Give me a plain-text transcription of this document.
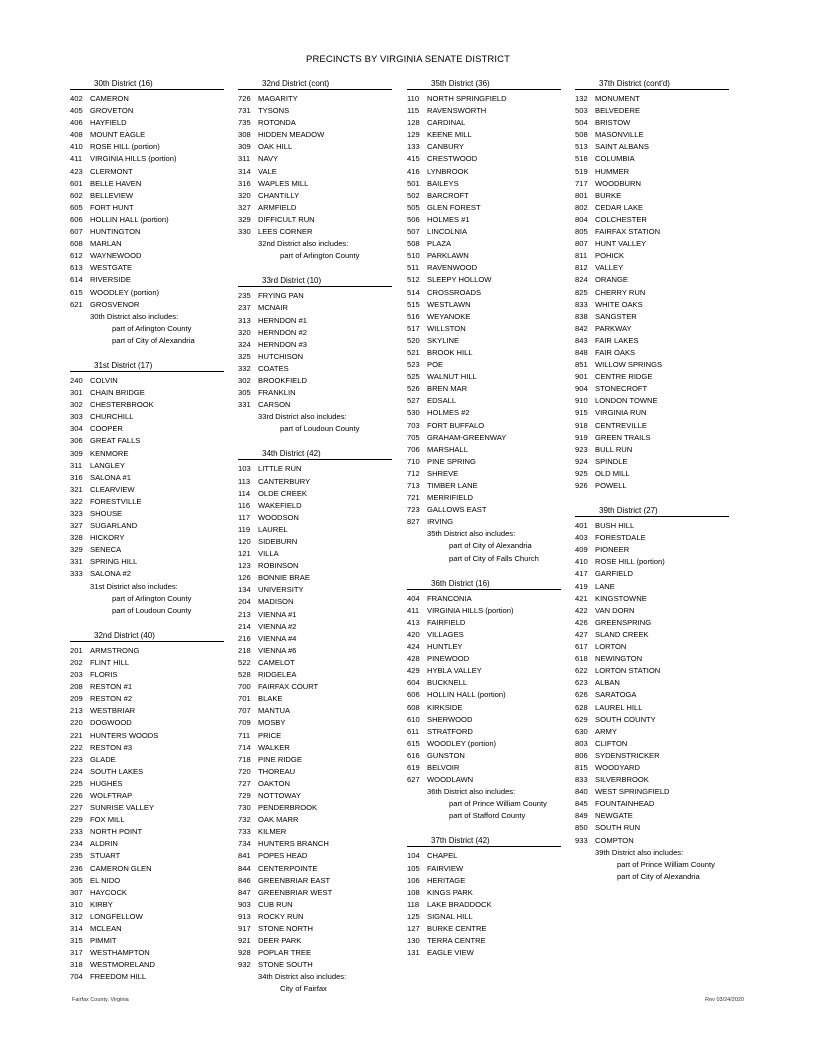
PRECINCTS BY VIRGINIA SENATE DISTRICT
30th District (16)
402 CAMERON
405 GROVETON
406 HAYFIELD
408 MOUNT EAGLE
410 ROSE HILL (portion)
411 VIRGINIA HILLS (portion)
423 CLERMONT
601 BELLE HAVEN
602 BELLEVIEW
605 FORT HUNT
606 HOLLIN HALL (portion)
607 HUNTINGTON
608 MARLAN
612 WAYNEWOOD
613 WESTGATE
614 RIVERSIDE
615 WOODLEY (portion)
621 GROSVENOR
30th District also includes:
part of Arlington County
part of City of Alexandria
31st District (17)
240 COLVIN
301 CHAIN BRIDGE
302 CHESTERBROOK
303 CHURCHILL
304 COOPER
306 GREAT FALLS
309 KENMORE
311 LANGLEY
316 SALONA #1
321 CLEARVIEW
322 FORESTVILLE
323 SHOUSE
327 SUGARLAND
328 HICKORY
329 SENECA
331 SPRING HILL
333 SALONA #2
31st District also includes:
part of Arlington County
part of Loudoun County
32nd District (40)
201 ARMSTRONG
202 FLINT HILL
203 FLORIS
208 RESTON #1
209 RESTON #2
213 WESTBRIAR
220 DOGWOOD
221 HUNTERS WOODS
222 RESTON #3
223 GLADE
224 SOUTH LAKES
225 HUGHES
226 WOLFTRAP
227 SUNRISE VALLEY
229 FOX MILL
233 NORTH POINT
234 ALDRIN
235 STUART
236 CAMERON GLEN
305 EL NIDO
307 HAYCOCK
310 KIRBY
312 LONGFELLOW
314 MCLEAN
315 PIMMIT
317 WESTHAMPTON
318 WESTMORELAND
704 FREEDOM HILL
32nd District (cont)
726 MAGARITY
731 TYSONS
735 ROTONDA
308 HIDDEN MEADOW
309 OAK HILL
311 NAVY
314 VALE
316 WAPLES MILL
320 CHANTILLY
327 ARMFIELD
329 DIFFICULT RUN
330 LEES CORNER
32nd District also includes:
part of Arlington County
33rd District (10)
235 FRYING PAN
237 MCNAIR
313 HERNDON #1
320 HERNDON #2
324 HERNDON #3
325 HUTCHISON
332 COATES
302 BROOKFIELD
305 FRANKLIN
331 CARSON
33rd District also includes:
part of Loudoun County
34th District (42)
103 LITTLE RUN
113 CANTERBURY
114 OLDE CREEK
116 WAKEFIELD
117 WOODSON
119 LAUREL
120 SIDEBURN
121 VILLA
123 ROBINSON
126 BONNIE BRAE
134 UNIVERSITY
204 MADISON
213 VIENNA #1
214 VIENNA #2
216 VIENNA #4
218 VIENNA #6
522 CAMELOT
528 RIDGELEA
700 FAIRFAX COURT
701 BLAKE
707 MANTUA
709 MOSBY
711 PRICE
714 WALKER
718 PINE RIDGE
720 THOREAU
727 OAKTON
729 NOTTOWAY
730 PENDERBROOK
732 OAK MARR
733 KILMER
734 HUNTERS BRANCH
841 POPES HEAD
844 CENTERPOINTE
846 GREENBRIAR EAST
847 GREENBRIAR WEST
903 CUB RUN
913 ROCKY RUN
917 STONE NORTH
921 DEER PARK
928 POPLAR TREE
932 STONE SOUTH
34th District also includes:
City of Fairfax
35th District (36)
110 NORTH SPRINGFIELD
115 RAVENSWORTH
128 CARDINAL
129 KEENE MILL
133 CANBURY
415 CRESTWOOD
416 LYNBROOK
501 BAILEYS
502 BARCROFT
505 GLEN FOREST
506 HOLMES #1
507 LINCOLNIA
508 PLAZA
510 PARKLAWN
511 RAVENWOOD
512 SLEEPY HOLLOW
514 CROSSROADS
515 WESTLAWN
516 WEYANOKE
517 WILLSTON
520 SKYLINE
521 BROOK HILL
523 POE
525 WALNUT HILL
526 BREN MAR
527 EDSALL
530 HOLMES #2
703 FORT BUFFALO
705 GRAHAM-GREENWAY
706 MARSHALL
710 PINE SPRING
712 SHREVE
713 TIMBER LANE
721 MERRIFIELD
723 GALLOWS EAST
827 IRVING
35th District also includes:
part of City of Alexandria
part of City of Falls Church
36th District (16)
404 FRANCONIA
411 VIRGINIA HILLS (portion)
413 FAIRFIELD
420 VILLAGES
424 HUNTLEY
428 PINEWOOD
429 HYBLA VALLEY
604 BUCKNELL
606 HOLLIN HALL (portion)
608 KIRKSIDE
610 SHERWOOD
611 STRATFORD
615 WOODLEY (portion)
616 GUNSTON
619 BELVOIR
627 WOODLAWN
36th District also includes:
part of Prince William County
part of Stafford County
37th District (42)
104 CHAPEL
105 FAIRVIEW
106 HERITAGE
108 KINGS PARK
118 LAKE BRADDOCK
125 SIGNAL HILL
127 BURKE CENTRE
130 TERRA CENTRE
131 EAGLE VIEW
37th District (cont'd)
132 MONUMENT
503 BELVEDERE
504 BRISTOW
508 MASONVILLE
513 SAINT ALBANS
518 COLUMBIA
519 HUMMER
717 WOODBURN
801 BURKE
802 CEDAR LAKE
804 COLCHESTER
805 FAIRFAX STATION
807 HUNT VALLEY
811 POHICK
812 VALLEY
824 ORANGE
825 CHERRY RUN
833 WHITE OAKS
838 SANGSTER
842 PARKWAY
843 FAIR LAKES
848 FAIR OAKS
851 WILLOW SPRINGS
901 CENTRE RIDGE
904 STONECROFT
910 LONDON TOWNE
915 VIRGINIA RUN
918 CENTREVILLE
919 GREEN TRAILS
923 BULL RUN
924 SPINDLE
925 OLD MILL
926 POWELL
39th District (27)
401 BUSH HILL
403 FORESTDALE
409 PIONEER
410 ROSE HILL (portion)
417 GARFIELD
419 LANE
421 KINGSTOWNE
422 VAN DORN
426 GREENSPRING
427 SLAND CREEK
617 LORTON
618 NEWINGTON
622 LORTON STATION
623 ALBAN
626 SARATOGA
628 LAUREL HILL
629 SOUTH COUNTY
630 ARMY
803 CLIFTON
806 SYDENSTRICKER
815 WOODYARD
833 SILVERBROOK
840 WEST SPRINGFIELD
845 FOUNTAINHEAD
849 NEWGATE
850 SOUTH RUN
933 COMPTON
39th District also includes:
part of Prince William County
part of City of Alexandria
Fairfax County, Virginia	Rev 03/24/2020
